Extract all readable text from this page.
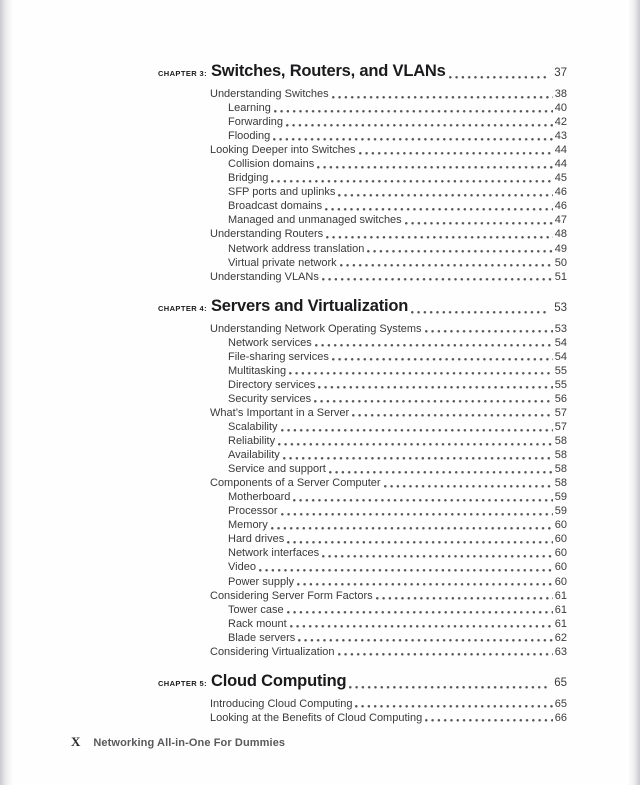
CHAPTER 3: Switches, Routers, and VLANs	37
Understanding Switches	38
Learning	40
Forwarding	42
Flooding	43
Looking Deeper into Switches	44
Collision domains	44
Bridging	45
SFP ports and uplinks	46
Broadcast domains	46
Managed and unmanaged switches	47
Understanding Routers	48
Network address translation	49
Virtual private network	50
Understanding VLANs	51
CHAPTER 4: Servers and Virtualization	53
Understanding Network Operating Systems	53
Network services	54
File-sharing services	54
Multitasking	55
Directory services	55
Security services	56
What’s Important in a Server	57
Scalability	57
Reliability	58
Availability	58
Service and support	58
Components of a Server Computer	58
Motherboard	59
Processor	59
Memory	60
Hard drives	60
Network interfaces	60
Video	60
Power supply	60
Considering Server Form Factors	61
Tower case	61
Rack mount	61
Blade servers	62
Considering Virtualization	63
CHAPTER 5: Cloud Computing	65
Introducing Cloud Computing	65
Looking at the Benefits of Cloud Computing	66
X Networking All-in-One For Dummies
